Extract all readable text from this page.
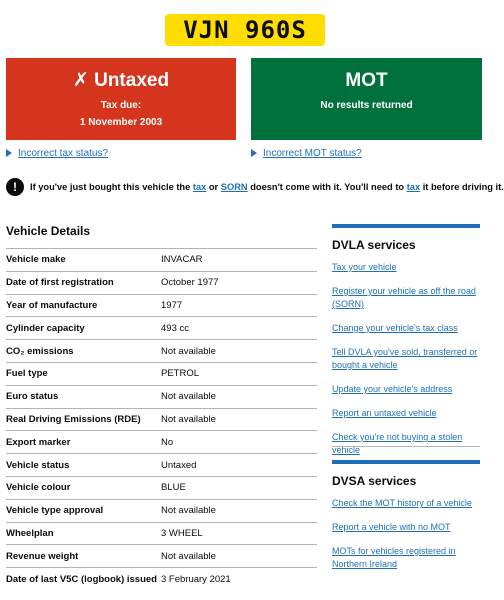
VJN 960S
✗ Untaxed
Tax due:
1 November 2003
MOT
No results returned
Incorrect tax status?	Incorrect MOT status?
!	If you've just bought this vehicle the tax or SORN doesn't come with it. You'll need to tax it before driving it.
Vehicle Details
Vehicle make	INVACAR
Date of first registration	October 1977
Year of manufacture	1977
Cylinder capacity	493 cc
CO₂ emissions	Not available
Fuel type	PETROL
Euro status	Not available
Real Driving Emissions (RDE)	Not available
Export marker	No
Vehicle status	Untaxed
Vehicle colour	BLUE
Vehicle type approval	Not available
Wheelplan	3 WHEEL
Revenue weight	Not available
Date of last V5C (logbook) issued 3 February 2021
DVLA services
Tax your vehicle
Register your vehicle as off the road (SORN)
Change your vehicle's tax class
Tell DVLA you've sold, transferred or bought a vehicle
Update your vehicle's address
Report an untaxed vehicle
Check you're not buying a stolen vehicle
DVSA services
Check the MOT history of a vehicle
Report a vehicle with no MOT
MOTs for vehicles registered in Northern Ireland
